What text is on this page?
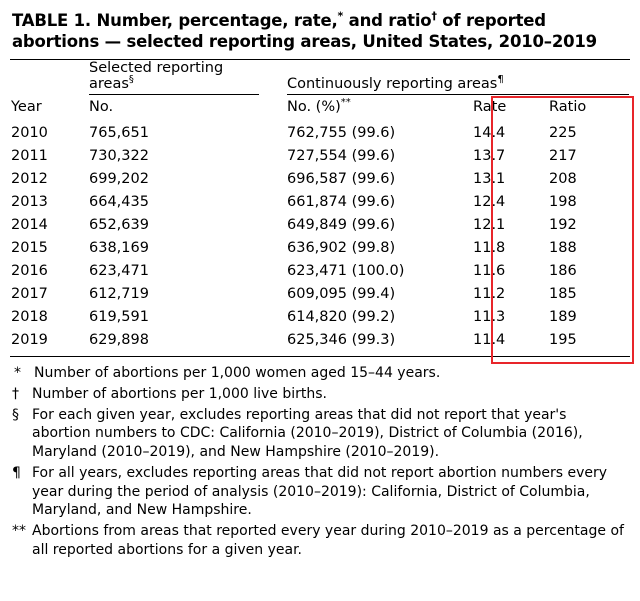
TABLE 1. Number, percentage, rate,* and ratio† of reported abortions — selected reporting areas, United States, 2010–2019
	Selected reporting areas§		Continuously reporting areas¶
Year	No.		No. (%)**	Rate	Ratio
2010	765,651		762,755 (99.6)	14.4	225
2011	730,322		727,554 (99.6)	13.7	217
2012	699,202		696,587 (99.6)	13.1	208
2013	664,435		661,874 (99.6)	12.4	198
2014	652,639		649,849 (99.6)	12.1	192
2015	638,169		636,902 (99.8)	11.8	188
2016	623,471		623,471 (100.0)	11.6	186
2017	612,719		609,095 (99.4)	11.2	185
2018	619,591		614,820 (99.2)	11.3	189
2019	629,898		625,346 (99.3)	11.4	195
* Number of abortions per 1,000 women aged 15–44 years.
† Number of abortions per 1,000 live births.
§ For each given year, excludes reporting areas that did not report that year's abortion numbers to CDC: California (2010–2019), District of Columbia (2016), Maryland (2010–2019), and New Hampshire (2010–2019).
¶ For all years, excludes reporting areas that did not report abortion numbers every year during the period of analysis (2010–2019): California, District of Columbia, Maryland, and New Hampshire.
** Abortions from areas that reported every year during 2010–2019 as a percentage of all reported abortions for a given year.
